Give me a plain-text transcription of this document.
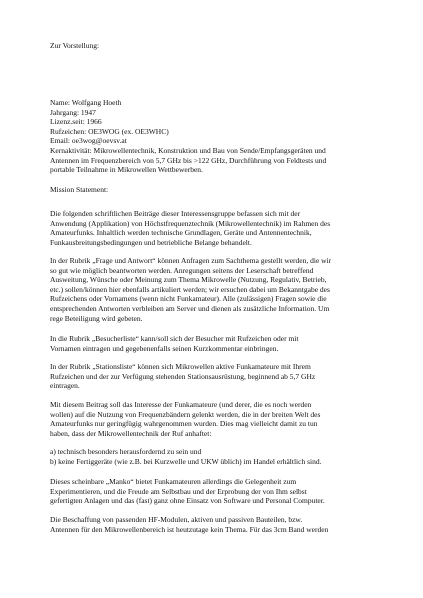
Zur Vorstellung:

Name: Wolfgang Hoeth
Jahrgang: 1947
Lizenz.seit: 1966
Rufzeichen: OE3WOG (ex. OE3WHC)
Email: oe3wog@oevsv.at
Kernaktivität: Mikrowellentechnik, Konstruktion und Bau von Sende/Empfangsgeräten und
Antennen im Frequenzbereich von 5,7 GHz bis >122 GHz, Durchführung von Feldtests und
portable Teilnahme in Mikrowellen Wettbewerben.

Mission Statement:

Die folgenden schriftlichen Beiträge dieser Interessensgruppe befassen sich mit der
Anwendung (Applikation) von Höchstfrequenztechnik (Mikrowellentechnik) im Rahmen des
Amateurfunks. Inhaltlich werden technische Grundlagen, Geräte und Antennentechnik,
Funkausbreitungsbedingungen und betriebliche Belange behandelt.
In der Rubrik „Frage und Antwort“ können Anfragen zum Sachthema gestellt werden, die wir
so gut wie möglich beantworten werden. Anregungen seitens der Leserschaft betreffend
Ausweitung, Wünsche oder Meinung zum Thema Mikrowelle (Nutzung, Regulativ, Betrieb,
etc.) sollen/können hier ebenfalls artikuliert werden; wir ersuchen dabei um Bekanntgabe des
Rufzeichens oder Vornamens (wenn nicht Funkamateur). Alle (zulässigen) Fragen sowie die
entsprechenden Antworten verbleiben am Server und dienen als zusätzliche Information. Um
rege Beteiligung wird gebeten.
In die Rubrik „Besucherliste“ kann/soll sich der Besucher mit Rufzeichen oder mit
Vornamen eintragen und gegebenenfalls seinen Kurzkommentar einbringen.
In der Rubrik „Stationsliste“ können sich Mikrowellen aktive Funkamateure mit Ihrem
Rufzeichen und der zur Verfügung stehenden Stationsausrüstung, beginnend ab 5,7 GHz
eintragen.
Mit diesem Beitrag soll das Interesse der Funkamateure (und derer, die es noch werden
wollen) auf die Nutzung von Frequenzbändern gelenkt werden, die in der breiten Welt des
Amateurfunks nur geringfügig wahrgenommen wurden. Dies mag vielleicht damit zu tun
haben, dass der Mikrowellentechnik der Ruf anhaftet:
a) technisch besonders herausfordernd zu sein und
b) keine Fertiggeräte (wie z.B. bei Kurzwelle und UKW üblich) im Handel erhältlich sind.
Dieses scheinbare „Manko“ bietet Funkamateuren allerdings die Gelegenheit zum
Experimentieren, und die Freude am Selbstbau und der Erprobung der von Ihm selbst
gefertigten Anlagen und das (fast) ganz ohne Einsatz von Software und Personal Computer.
Die Beschaffung von passenden HF-Modulen, aktiven und passiven Bauteilen, bzw.
Antennen für den Mikrowellenbereich ist heutzutage kein Thema. Für das 3cm Band werden
